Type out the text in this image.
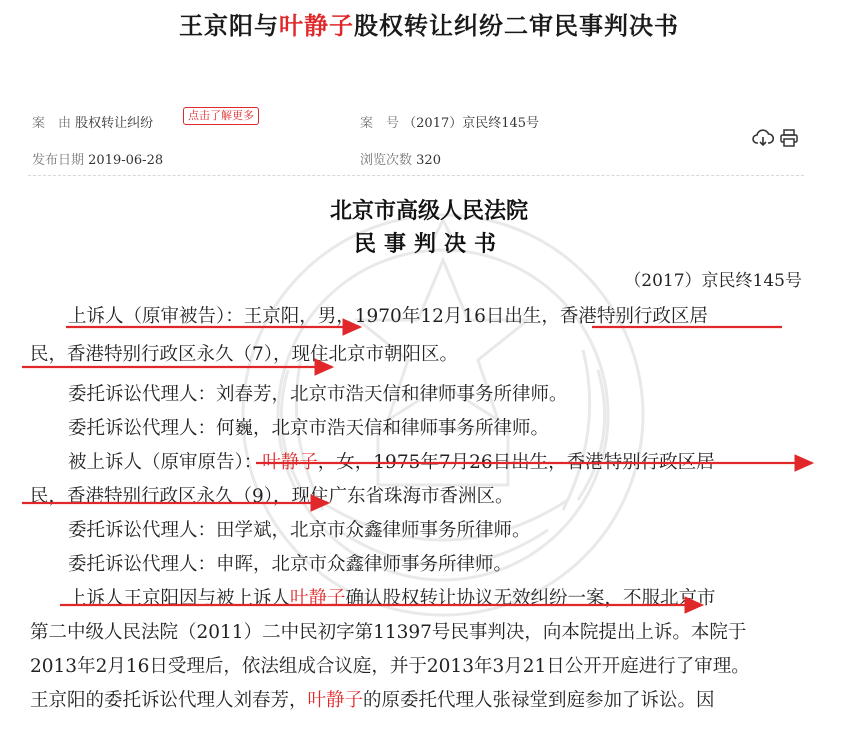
王京阳与叶静子股权转让纠纷二审民事判决书
案　由 股权转让纠纷
点击了解更多
案　号 （2017）京民终145号
发布日期 2019-06-28	浏览次数 320
北京市高级人民法院
民事判决书
（2017）京民终145号
上诉人（原审被告）：王京阳，男，1970年12月16日出生，香港特别行政区居
民，香港特别行政区永久（7），现住北京市朝阳区。
委托诉讼代理人：刘春芳，北京市浩天信和律师事务所律师。
委托诉讼代理人：何巍，北京市浩天信和律师事务所律师。
被上诉人（原审原告）：叶静子，女，1975年7月26日出生，香港特别行政区居
民，香港特别行政区永久（9），现住广东省珠海市香洲区。
委托诉讼代理人：田学斌，北京市众鑫律师事务所律师。
委托诉讼代理人：申晖，北京市众鑫律师事务所律师。
上诉人王京阳因与被上诉人叶静子确认股权转让协议无效纠纷一案，不服北京市
第二中级人民法院（2011）二中民初字第11397号民事判决，向本院提出上诉。本院于
2013年2月16日受理后，依法组成合议庭，并于2013年3月21日公开开庭进行了审理。
王京阳的委托诉讼代理人刘春芳，叶静子的原委托代理人张禄堂到庭参加了诉讼。因
